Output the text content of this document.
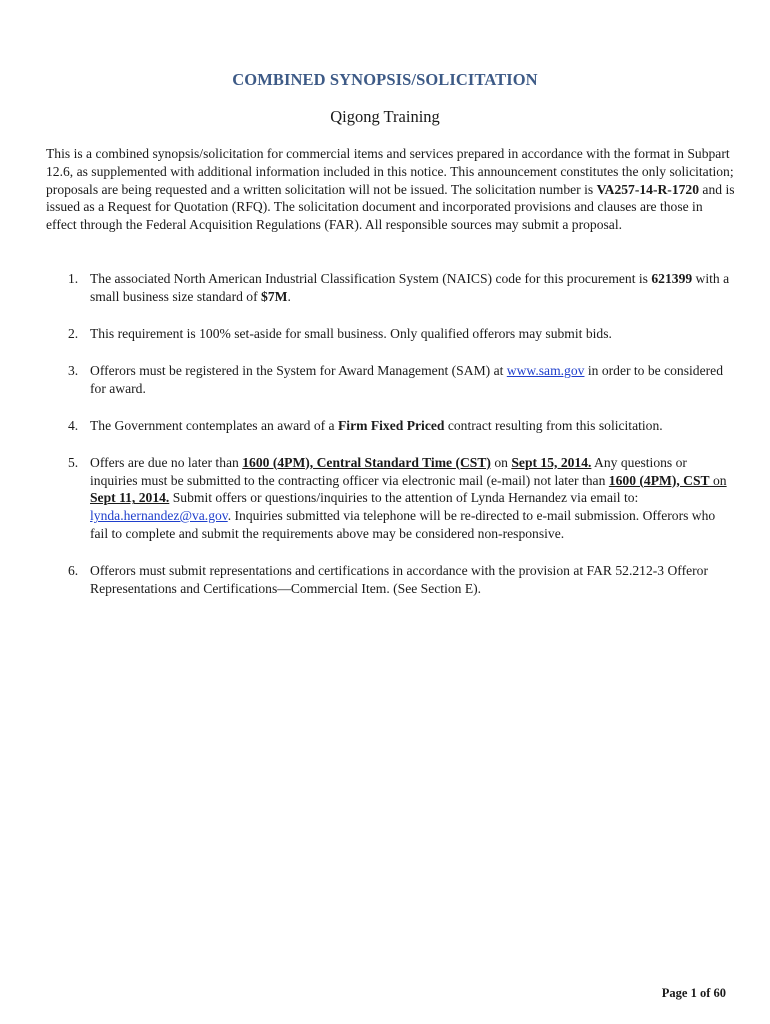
COMBINED SYNOPSIS/SOLICITATION
Qigong Training

This is a combined synopsis/solicitation for commercial items and services prepared in accordance with the format in Subpart 12.6, as supplemented with additional information included in this notice. This announcement constitutes the only solicitation; proposals are being requested and a written solicitation will not be issued. The solicitation number is VA257-14-R-1720 and is issued as a Request for Quotation (RFQ). The solicitation document and incorporated provisions and clauses are those in effect through the Federal Acquisition Regulations (FAR). All responsible sources may submit a proposal.

1. The associated North American Industrial Classification System (NAICS) code for this procurement is 621399 with a small business size standard of $7M.
2. This requirement is 100% set-aside for small business. Only qualified offerors may submit bids.
3. Offerors must be registered in the System for Award Management (SAM) at www.sam.gov in order to be considered for award.
4. The Government contemplates an award of a Firm Fixed Priced contract resulting from this solicitation.
5. Offers are due no later than 1600 (4PM), Central Standard Time (CST) on Sept 15, 2014. Any questions or inquiries must be submitted to the contracting officer via electronic mail (e-mail) not later than 1600 (4PM), CST on Sept 11, 2014. Submit offers or questions/inquiries to the attention of Lynda Hernandez via email to: lynda.hernandez@va.gov. Inquiries submitted via telephone will be re-directed to e-mail submission. Offerors who fail to complete and submit the requirements above may be considered non-responsive.
6. Offerors must submit representations and certifications in accordance with the provision at FAR 52.212-3 Offeror Representations and Certifications—Commercial Item. (See Section E).
Page 1 of 60
